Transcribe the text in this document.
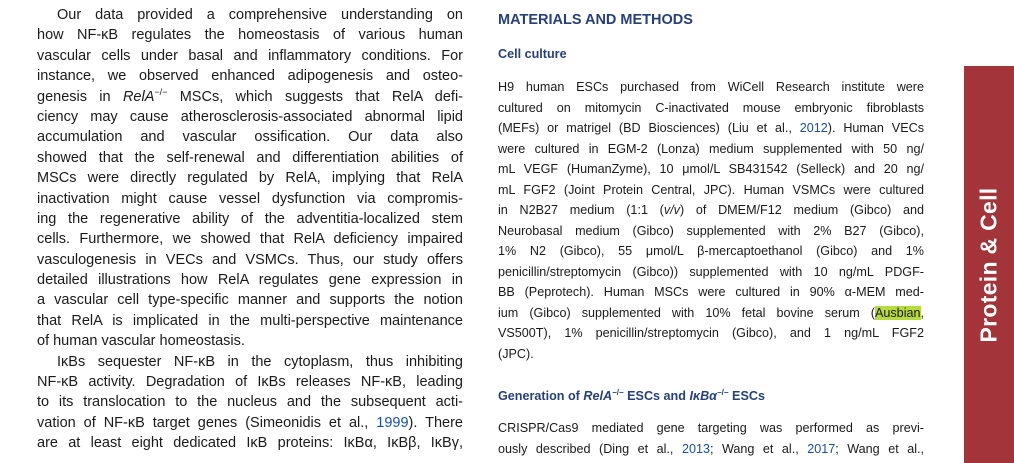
Our data provided a comprehensive understanding on
how NF-κB regulates the homeostasis of various human
vascular cells under basal and inflammatory conditions. For
instance, we observed enhanced adipogenesis and osteo-
genesis in RelA−/− MSCs, which suggests that RelA defi-
ciency may cause atherosclerosis-associated abnormal lipid
accumulation and vascular ossification. Our data also
showed that the self-renewal and differentiation abilities of
MSCs were directly regulated by RelA, implying that RelA
inactivation might cause vessel dysfunction via compromis-
ing the regenerative ability of the adventitia-localized stem
cells. Furthermore, we showed that RelA deficiency impaired
vasculogenesis in VECs and VSMCs. Thus, our study offers
detailed illustrations how RelA regulates gene expression in
a vascular cell type-specific manner and supports the notion
that RelA is implicated in the multi-perspective maintenance
of human vascular homeostasis.
IκBs sequester NF-κB in the cytoplasm, thus inhibiting
NF-κB activity. Degradation of IκBs releases NF-κB, leading
to its translocation to the nucleus and the subsequent acti-
vation of NF-κB target genes (Simeonidis et al., 1999). There
are at least eight dedicated IκB proteins: IκBα, IκBβ, IκBγ,
MATERIALS AND METHODS
Cell culture
H9 human ESCs purchased from WiCell Research institute were
cultured on mitomycin C-inactivated mouse embryonic fibroblasts
(MEFs) or matrigel (BD Biosciences) (Liu et al., 2012). Human VECs
were cultured in EGM-2 (Lonza) medium supplemented with 50 ng/
mL VEGF (HumanZyme), 10 μmol/L SB431542 (Selleck) and 20 ng/
mL FGF2 (Joint Protein Central, JPC). Human VSMCs were cultured
in N2B27 medium (1:1 (v/v) of DMEM/F12 medium (Gibco) and
Neurobasal medium (Gibco) supplemented with 2% B27 (Gibco),
1% N2 (Gibco), 55 μmol/L β-mercaptoethanol (Gibco) and 1%
penicillin/streptomycin (Gibco)) supplemented with 10 ng/mL PDGF-
BB (Peprotech). Human MSCs were cultured in 90% α-MEM med-
ium (Gibco) supplemented with 10% fetal bovine serum (Ausbian,
VS500T), 1% penicillin/streptomycin (Gibco), and 1 ng/mL FGF2
(JPC).
Generation of RelA−/− ESCs and IκBα−/− ESCs
CRISPR/Cas9 mediated gene targeting was performed as previ-
ously described (Ding et al., 2013; Wang et al., 2017; Wang et al.,
Protein & Cell
